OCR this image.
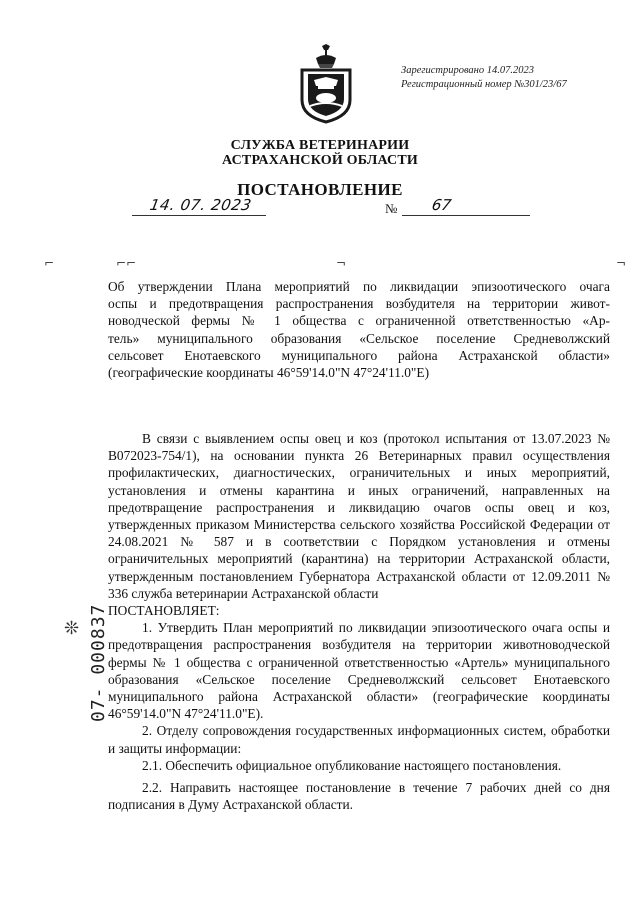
Зарегистрировано 14.07.2023
Регистрационный номер №301/23/67
СЛУЖБА ВЕТЕРИНАРИИ
АСТРАХАНСКОЙ ОБЛАСТИ
ПОСТАНОВЛЕНИЕ
14. 07. 2023	№ 67
⌐	⌐⌐	¬	¬

Об утверждении Плана мероприятий по ликвидации эпизоотического очага

оспы и предотвращения распространения возбудителя на территории живот-

новодческой фермы № 1 общества с ограниченной ответственностью «Ар-

тель» муниципального образования «Сельское поселение Средневолжский

сельсовет Енотаевского муниципального района Астраханской области»

(географические координаты 46°59'14.0"N 47°24'11.0"E)

В связи с выявлением оспы овец и коз (протокол испытания от 13.07.2023 № B072023-754/1), на основании пункта 26 Ветеринарных правил осуществления профилактических, диагностических, ограничительных и иных мероприятий, установления и отмены карантина и иных ограничений, направленных на предотвращение распространения и ликвидацию очагов оспы овец и коз, утвержденных приказом Министерства сельского хозяйства Российской Федерации от 24.08.2021 № 587 и в соответствии с Порядком установления и отмены ограничительных мероприятий (карантина) на территории Астраханской области, утвержденным постановлением Губернатора Астраханской области от 12.09.2011 № 336 служба ветеринарии Астраханской области

ПОСТАНОВЛЯЕТ:

1. Утвердить План мероприятий по ликвидации эпизоотического очага оспы и предотвращения распространения возбудителя на территории животноводческой фермы № 1 общества с ограниченной ответственностью «Артель» муниципального образования «Сельское поселение Средневолжский сельсовет Енотаевского муниципального района Астраханской области» (географические координаты 46°59'14.0"N 47°24'11.0"E).

2. Отделу сопровождения государственных информационных систем, обработки и защиты информации:

2.1. Обеспечить официальное опубликование настоящего постановления.

2.2. Направить настоящее постановление в течение 7 рабочих дней со дня подписания в Думу Астраханской области.

❊ 07- 000837
